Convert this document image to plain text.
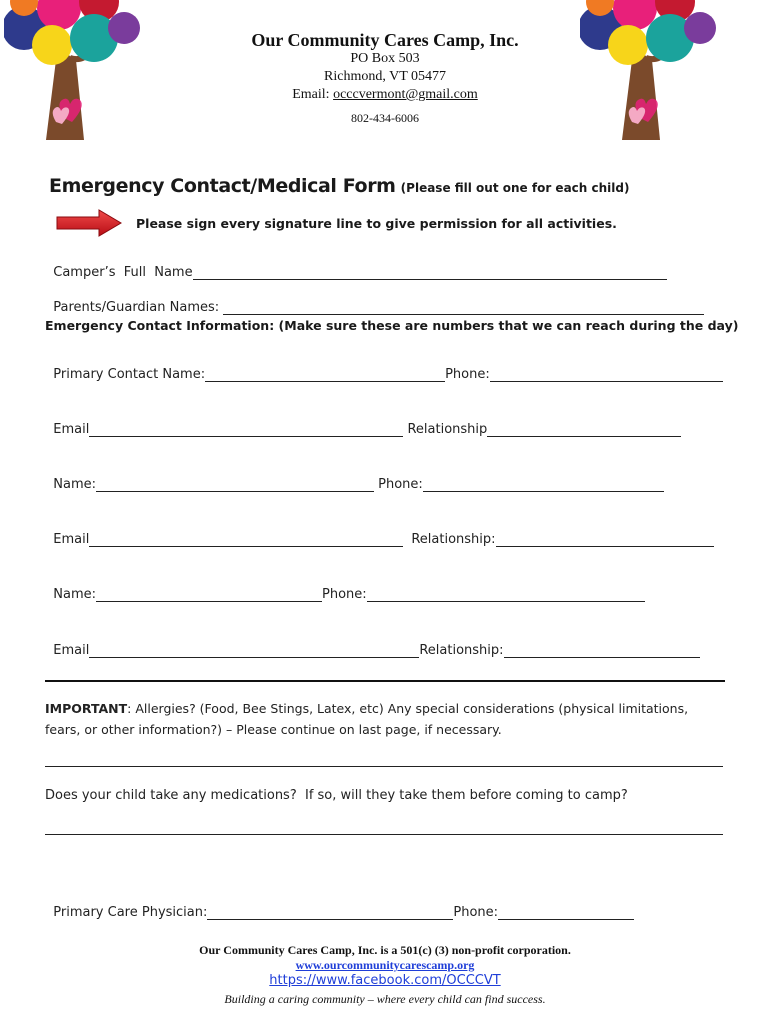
Our Community Cares Camp, Inc.
PO Box 503
Richmond, VT 05477
Email: occcvermont@gmail.com
802-434-6006
Emergency Contact/Medical Form (Please fill out one for each child)
Please sign every signature line to give permission for all activities.

Camper’s  Full  Name

Parents/Guardian Names:

Emergency Contact Information: (Make sure these are numbers that we can reach during the day)

Primary Contact Name:	Phone:

Email	Relationship

Name:	Phone:

Email	Relationship:

Name:	Phone:

Email	Relationship:

IMPORTANT: Allergies? (Food, Bee Stings, Latex, etc) Any special considerations (physical limitations, fears, or other information?) – Please continue on last page, if necessary.
Does your child take any medications?  If so, will they take them before coming to camp?

Primary Care Physician:	Phone:

Our Community Cares Camp, Inc. is a 501(c) (3) non-profit corporation.
www.ourcommunitycarescamp.org
https://www.facebook.com/OCCCVT
Building a caring community – where every child can find success.
